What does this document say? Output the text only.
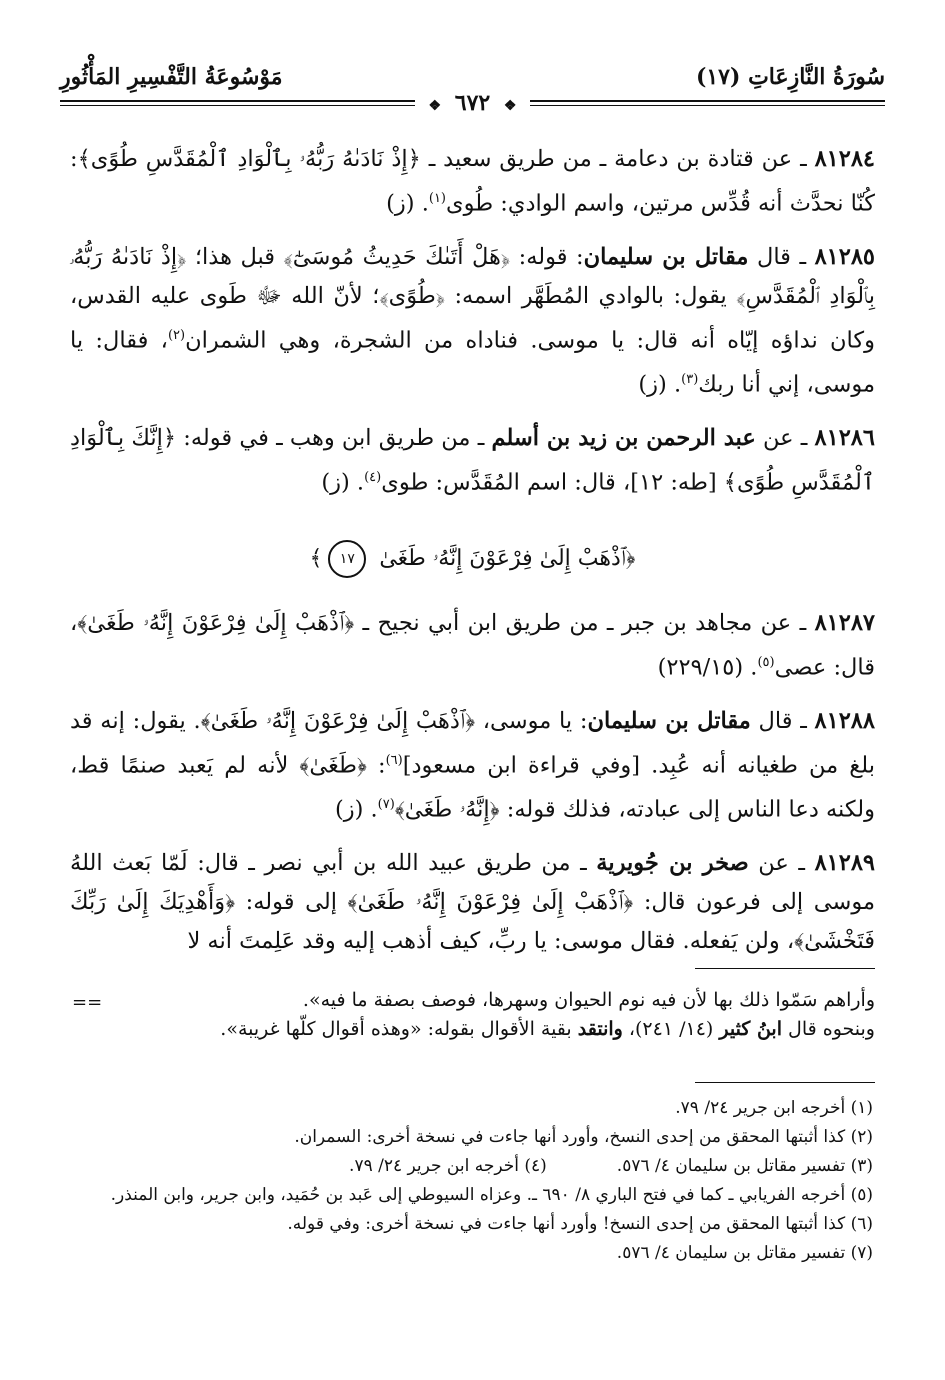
سُورَةُ النَّازِعَاتِ (١٧)
مَوْسُوعَةُ التَّفْسِيرِ المَأْثُورِ
❖ ٦٧٢ ❖

٨١٢٨٤ ـ عن قتادة بن دعامة ـ من طريق سعيد ـ ﴿إِذْ نَادَىٰهُ رَبُّهُۥ بِٱلْوَادِ ٱلْمُقَدَّسِ طُوًى﴾: كُنّا نحدَّث أنه قُدِّس مرتين، واسم الوادي: طُوى$^{(١)}$. (ز)

٨١٢٨٥ ـ قال مقاتل بن سليمان: قوله: ﴿هَلْ أَتَىٰكَ حَدِيثُ مُوسَىٰٓ﴾ قبل هذا؛ ﴿إِذْ نَادَىٰهُ رَبُّهُۥ بِٱلْوَادِ ٱلْمُقَدَّسِ﴾ يقول: بالوادي المُطَهَّر اسمه: ﴿طُوًى﴾؛ لأنّ الله ﷻ طَوى عليه القدس، وكان نداؤه إيّاه أنه قال: يا موسى. فناداه من الشجرة، وهي الشمران$^{(٢)}$، فقال: يا موسى، إني أنا ربك$^{(٣)}$. (ز)

٨١٢٨٦ ـ عن عبد الرحمن بن زيد بن أسلم ـ من طريق ابن وهب ـ في قوله: ﴿إِنَّكَ بِٱلْوَادِ ٱلْمُقَدَّسِ طُوًى﴾ [طه: ١٢]، قال: اسم المُقَدَّس: طوى$^{(٤)}$. (ز)

﴿ٱذْهَبْ إِلَىٰ فِرْعَوْنَ إِنَّهُۥ طَغَىٰ ١٧﴾

٨١٢٨٧ ـ عن مجاهد بن جبر ـ من طريق ابن أبي نجيح ـ ﴿ٱذْهَبْ إِلَىٰ فِرْعَوْنَ إِنَّهُۥ طَغَىٰ﴾، قال: عصى$^{(٥)}$. (٢٢٩/١٥)

٨١٢٨٨ ـ قال مقاتل بن سليمان: يا موسى، ﴿ٱذْهَبْ إِلَىٰ فِرْعَوْنَ إِنَّهُۥ طَغَىٰ﴾. يقول: إنه قد بلغ من طغيانه أنه عُبِد. [وفي قراءة ابن مسعود]$^{(٦)}$: ﴿طَغَىٰ﴾ لأنه لم يَعبد صنمًا قط، ولكنه دعا الناس إلى عبادته، فذلك قوله: ﴿إِنَّهُۥ طَغَىٰ﴾$^{(٧)}$. (ز)

٨١٢٨٩ ـ عن صخر بن جُويرية ـ من طريق عبيد الله بن أبي نصر ـ قال: لَمّا بَعث اللهُ موسى إلى فرعون قال: ﴿ٱذْهَبْ إِلَىٰ فِرْعَوْنَ إِنَّهُۥ طَغَىٰ﴾ إلى قوله: ﴿وَأَهْدِيَكَ إِلَىٰ رَبِّكَ فَتَخْشَىٰ﴾، ولن يَفعله. فقال موسى: يا ربِّ، كيف أذهب إليه وقد عَلِمتَ أنه لا

==	وأراهم سَمّوا ذلك بها لأن فيه نوم الحيوان وسهرها، فوصف بصفة ما فيه».
وبنحوه قال ابنُ كثير (١٤/ ٢٤١)، وانتقد بقية الأقوال بقوله: «وهذه أقوال كلّها غريبة».
(١) أخرجه ابن جرير ٢٤/ ٧٩.
(٢) كذا أثبتها المحقق من إحدى النسخ، وأورد أنها جاءت في نسخة أخرى: السمران.
(٣) تفسير مقاتل بن سليمان ٤/ ٥٧٦.
(٤) أخرجه ابن جرير ٢٤/ ٧٩.
(٥) أخرجه الفريابي ـ كما في فتح الباري ٨/ ٦٩٠ ـ. وعزاه السيوطي إلى عَبد بن حُمَيد، وابن جرير، وابن المنذر.
(٦) كذا أثبتها المحقق من إحدى النسخ! وأورد أنها جاءت في نسخة أخرى: وفي قوله.
(٧) تفسير مقاتل بن سليمان ٤/ ٥٧٦.
